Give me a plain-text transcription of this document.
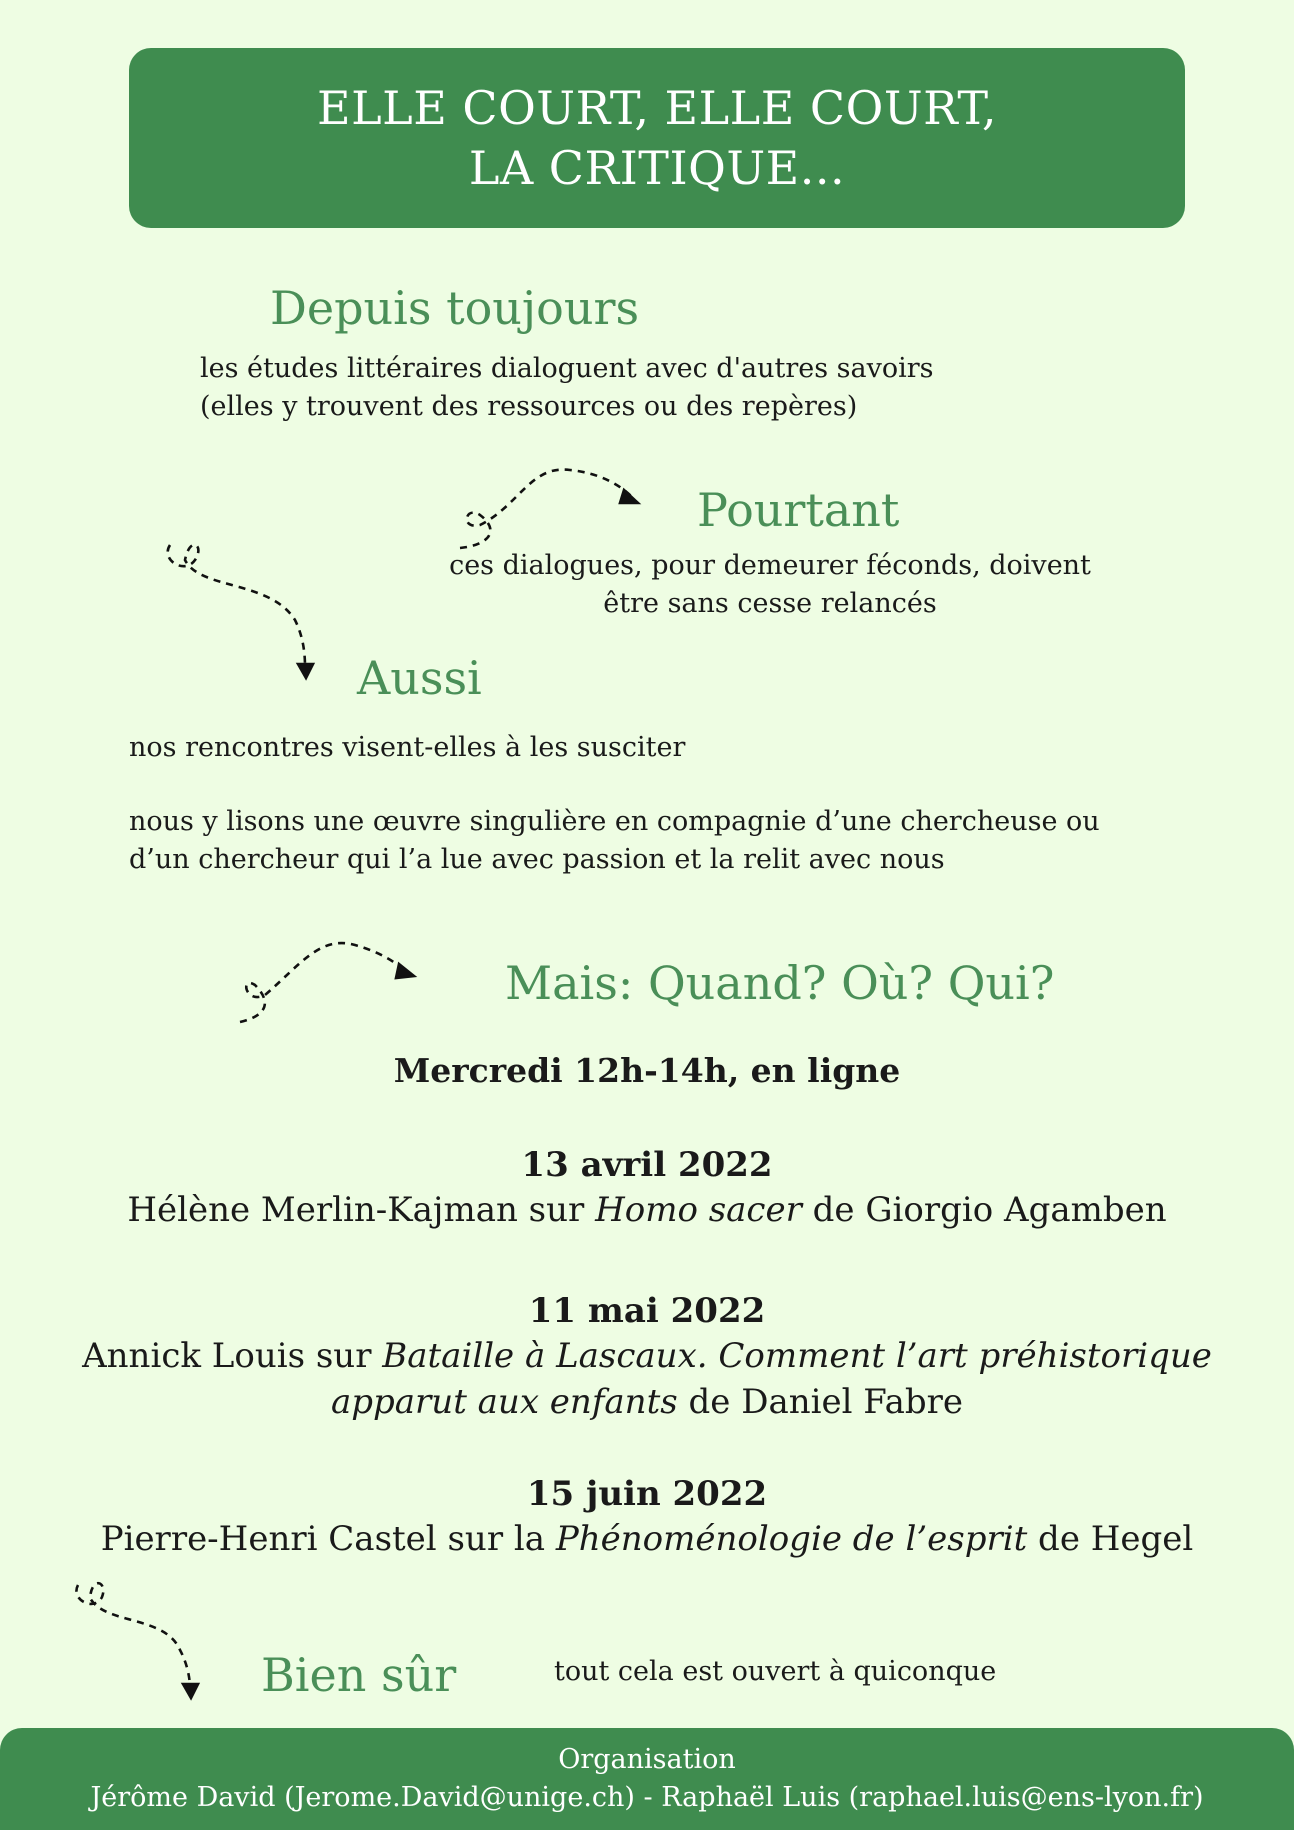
ELLE COURT, ELLE COURT,
LA CRITIQUE...
Depuis toujours
les études littéraires dialoguent avec d'autres savoirs
(elles y trouvent des ressources ou des repères)
Pourtant
ces dialogues, pour demeurer féconds, doivent
être sans cesse relancés
Aussi
nos rencontres visent-elles à les susciter
nous y lisons une œuvre singulière en compagnie d’une chercheuse ou
d’un chercheur qui l’a lue avec passion et la relit avec nous
Mais: Quand? Où? Qui?
Mercredi 12h-14h, en ligne
13 avril 2022
Hélène Merlin-Kajman sur Homo sacer de Giorgio Agamben
11 mai 2022
Annick Louis sur Bataille à Lascaux. Comment l’art préhistorique
apparut aux enfants de Daniel Fabre
15 juin 2022
Pierre-Henri Castel sur la Phénoménologie de l’esprit de Hegel
Bien sûr	tout cela est ouvert à quiconque
Organisation
Jérôme David (Jerome.David@unige.ch) - Raphaël Luis (raphael.luis@ens-lyon.fr)
